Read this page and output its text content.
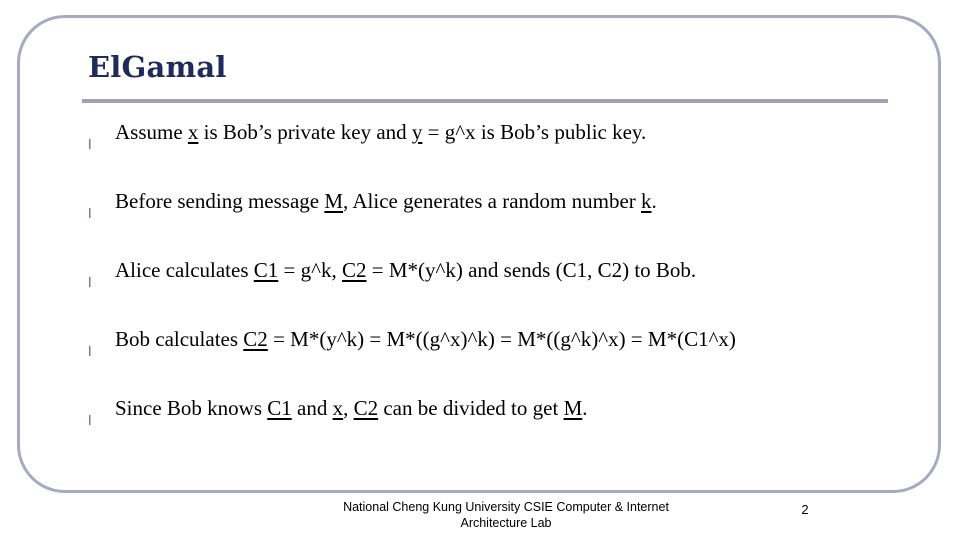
ElGamal
l
Assume x is Bob’s private key and y = g^x is Bob’s public key.
l
Before sending message M, Alice generates a random number k.
l
Alice calculates C1 = g^k, C2 = M*(y^k) and sends (C1, C2) to Bob.
l
Bob calculates C2 = M*(y^k) = M*((g^x)^k) = M*((g^k)^x) = M*(C1^x)
l
Since Bob knows C1 and x, C2 can be divided to get M.
National Cheng Kung University CSIE Computer & Internet
Architecture Lab
2
